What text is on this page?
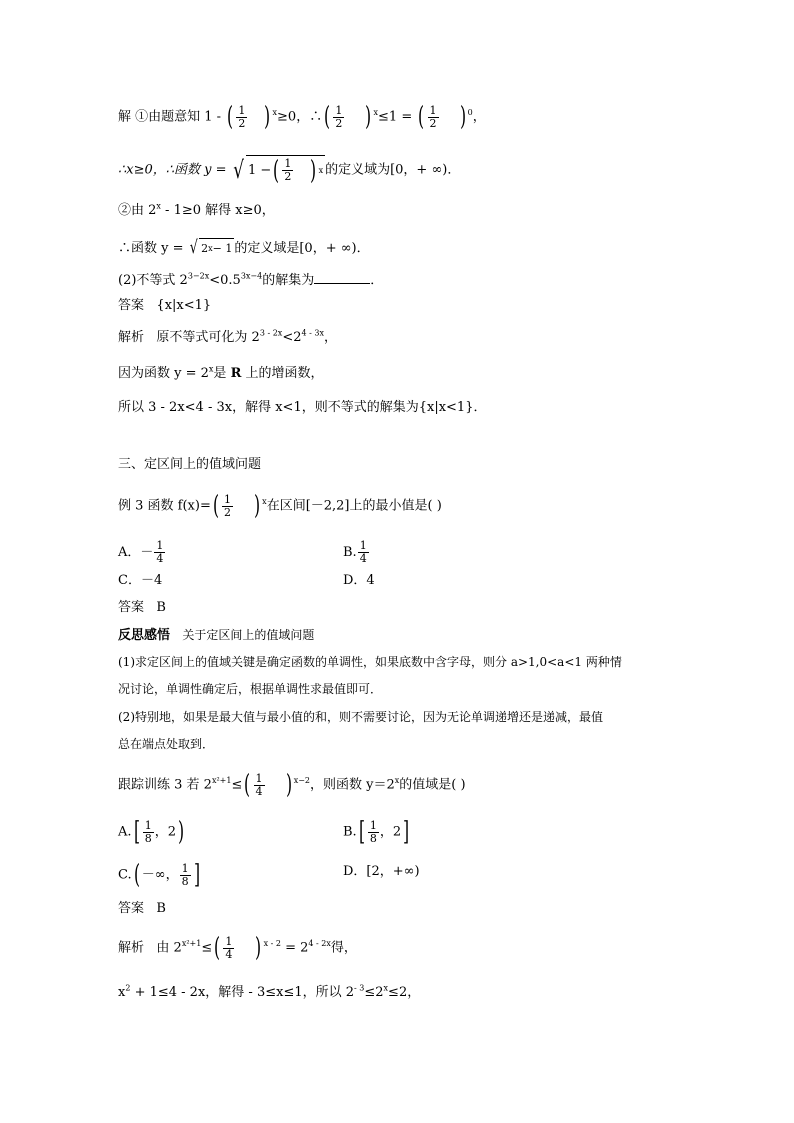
解 ①由题意知 1 - ( $\frac{1}{2}$ ) $^x$≥0，∴( $\frac{1}{2}$ ) $^x$≤1 = ( $\frac{1}{2}$ ) $^0$，
∴x≥0，∴函数 y = √ 1 − ( $\frac{1}{2}$ ) x 的定义域为[0，+ ∞)．
②由 2$^x$ - 1≥0 解得 x≥0，
∴函数 y = √ 2 x − 1 的定义域是[0，+ ∞)．
(2)不等式 $2^{3-2x}<0.5^{3x-4}$的解集为	．
答案 {x|x<1}
解析 原不等式可化为 $2^{3 - 2x}<2^{4 - 3x}$，
因为函数 $y = 2^x$是 R 上的增函数，
所以 3 - 2x<4 - 3x，解得 x<1，则不等式的解集为{x|x<1}．
三、定区间上的值域问题
例 3 函数 $f(x)=( \frac{1}{2}$ ) $^x$在区间[－2,2]上的最小值是( )
A．－ $\frac{1}{4}$	B. $\frac{1}{4}$
C．－4	D．4
答案 B
反思感悟 关于定区间上的值域问题
(1)求定区间上的值域关键是确定函数的单调性，如果底数中含字母，则分 a>1,0<a<1 两种情
况讨论，单调性确定后，根据单调性求最值即可．
(2)特别地，如果是最大值与最小值的和，则不需要讨论，因为无论单调递增还是递减，最值
总在端点处取到．
跟踪训练 3 若 $2^{x^2+1}\le( \frac{1}{4}$ ) $^{x-2}$，则函数 $y=2^x$的值域是( )
$A.[ \frac{1}{8}$ ，2)	$B.[ \frac{1}{8}$ ，2]
C.( －∞， $\frac{1}{8}$ ]	D．[2，+∞)
答案 B
解析 由 $2^{x^2+1}\le( \frac{1}{4}$ ) $^{x - 2} = 2^{4 - 2x}$得，
$x^2 + 1\le 4 - 2x$，解得 - 3≤x≤1，所以 $2^{- 3}\le 2^x\le 2$，
